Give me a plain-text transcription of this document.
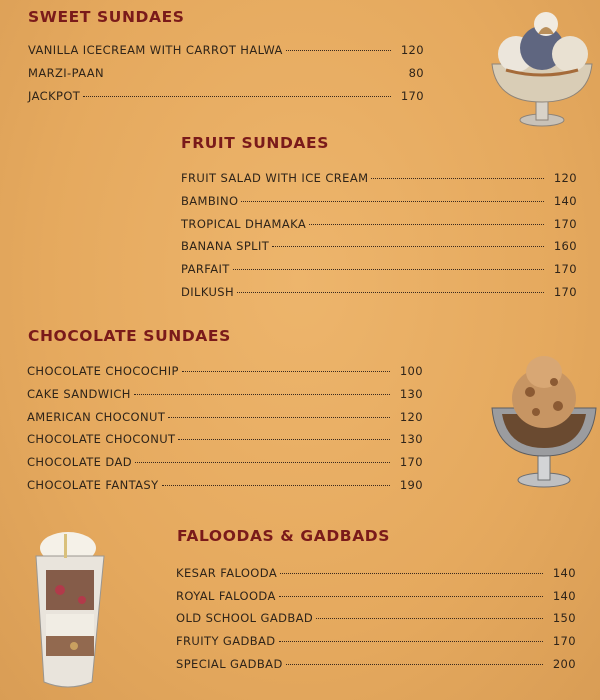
SWEET SUNDAES
VANILLA ICECREAM WITH CARROT HALWA	120
MARZI-PAAN	80
JACKPOT	170
FRUIT SUNDAES
FRUIT SALAD WITH ICE CREAM	120
BAMBINO	140
TROPICAL DHAMAKA	170
BANANA SPLIT	160
PARFAIT	170
DILKUSH	170
CHOCOLATE SUNDAES
CHOCOLATE CHOCOCHIP	100
CAKE SANDWICH	130
AMERICAN CHOCONUT	120
CHOCOLATE CHOCONUT	130
CHOCOLATE DAD	170
CHOCOLATE FANTASY	190
FALOODAS & GADBADS
KESAR FALOODA	140
ROYAL FALOODA	140
OLD SCHOOL GADBAD	150
FRUITY GADBAD	170
SPECIAL GADBAD	200
